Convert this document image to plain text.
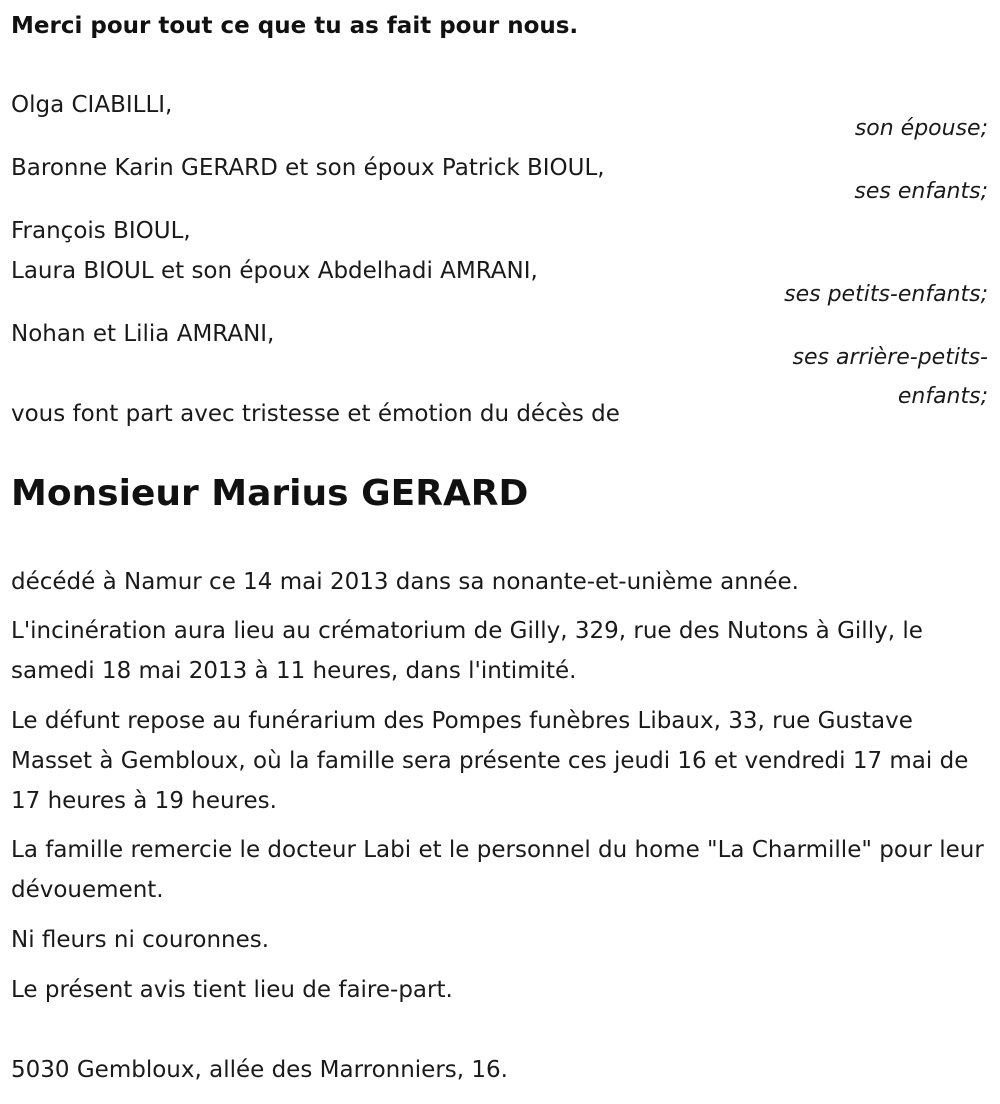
Merci pour tout ce que tu as fait pour nous.
Olga CIABILLI,
son épouse;
Baronne Karin GERARD et son époux Patrick BIOUL,
ses enfants;
François BIOUL,
Laura BIOUL et son époux Abdelhadi AMRANI,
ses petits-enfants;
Nohan et Lilia AMRANI,
ses arrière-petits-
enfants;
vous font part avec tristesse et émotion du décès de
Monsieur Marius GERARD
décédé à Namur ce 14 mai 2013 dans sa nonante-et-unième année.
L'incinération aura lieu au crématorium de Gilly, 329, rue des Nutons à Gilly, le samedi 18 mai 2013 à 11 heures, dans l'intimité.
Le défunt repose au funérarium des Pompes funèbres Libaux, 33, rue Gustave Masset à Gembloux, où la famille sera présente ces jeudi 16 et vendredi 17 mai de 17 heures à 19 heures.
La famille remercie le docteur Labi et le personnel du home "La Charmille" pour leur dévouement.
Ni fleurs ni couronnes.
Le présent avis tient lieu de faire-part.
5030 Gembloux, allée des Marronniers, 16.
